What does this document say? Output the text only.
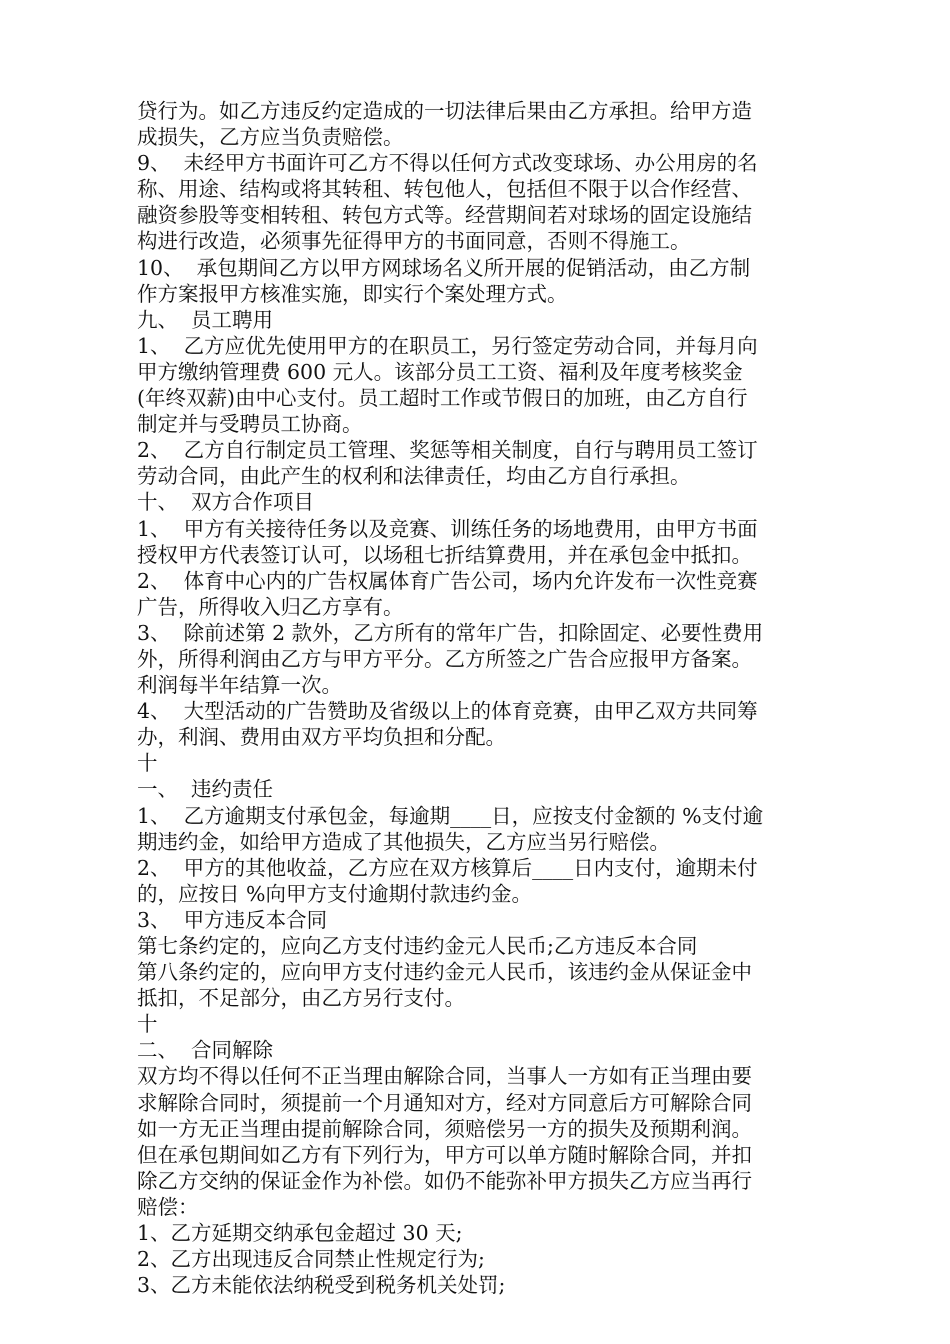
贷行为。如乙方违反约定造成的一切法律后果由乙方承担。给甲方造
成损失，乙方应当负责赔偿。
9、  未经甲方书面许可乙方不得以任何方式改变球场、办公用房的名
称、用途、结构或将其转租、转包他人，包括但不限于以合作经营、
融资参股等变相转租、转包方式等。经营期间若对球场的固定设施结
构进行改造，必须事先征得甲方的书面同意，否则不得施工。
10、  承包期间乙方以甲方网球场名义所开展的促销活动，由乙方制
作方案报甲方核准实施，即实行个案处理方式。
九、  员工聘用
1、  乙方应优先使用甲方的在职员工，另行签定劳动合同，并每月向
甲方缴纳管理费 600 元人。该部分员工工资、福利及年度考核奖金
(年终双薪)由中心支付。员工超时工作或节假日的加班，由乙方自行
制定并与受聘员工协商。
2、  乙方自行制定员工管理、奖惩等相关制度，自行与聘用员工签订
劳动合同，由此产生的权利和法律责任，均由乙方自行承担。
十、  双方合作项目
1、  甲方有关接待任务以及竞赛、训练任务的场地费用，由甲方书面
授权甲方代表签订认可，以场租七折结算费用，并在承包金中抵扣。
2、  体育中心内的广告权属体育广告公司，场内允许发布一次性竞赛
广告，所得收入归乙方享有。
3、  除前述第 2 款外，乙方所有的常年广告，扣除固定、必要性费用
外，所得利润由乙方与甲方平分。乙方所签之广告合应报甲方备案。
利润每半年结算一次。
4、  大型活动的广告赞助及省级以上的体育竞赛，由甲乙双方共同筹
办，利润、费用由双方平均负担和分配。
十
一、  违约责任
1、  乙方逾期支付承包金，每逾期____日，应按支付金额的 %支付逾
期违约金，如给甲方造成了其他损失，乙方应当另行赔偿。
2、  甲方的其他收益，乙方应在双方核算后____日内支付，逾期未付
的，应按日 %向甲方支付逾期付款违约金。
3、  甲方违反本合同
第七条约定的，应向乙方支付违约金元人民币;乙方违反本合同
第八条约定的，应向甲方支付违约金元人民币，该违约金从保证金中
抵扣，不足部分，由乙方另行支付。
十
二、  合同解除
双方均不得以任何不正当理由解除合同，当事人一方如有正当理由要
求解除合同时，须提前一个月通知对方，经对方同意后方可解除合同
如一方无正当理由提前解除合同，须赔偿另一方的损失及预期利润。
但在承包期间如乙方有下列行为，甲方可以单方随时解除合同，并扣
除乙方交纳的保证金作为补偿。如仍不能弥补甲方损失乙方应当再行
赔偿：
1、乙方延期交纳承包金超过 30 天;
2、乙方出现违反合同禁止性规定行为;
3、乙方未能依法纳税受到税务机关处罚;
